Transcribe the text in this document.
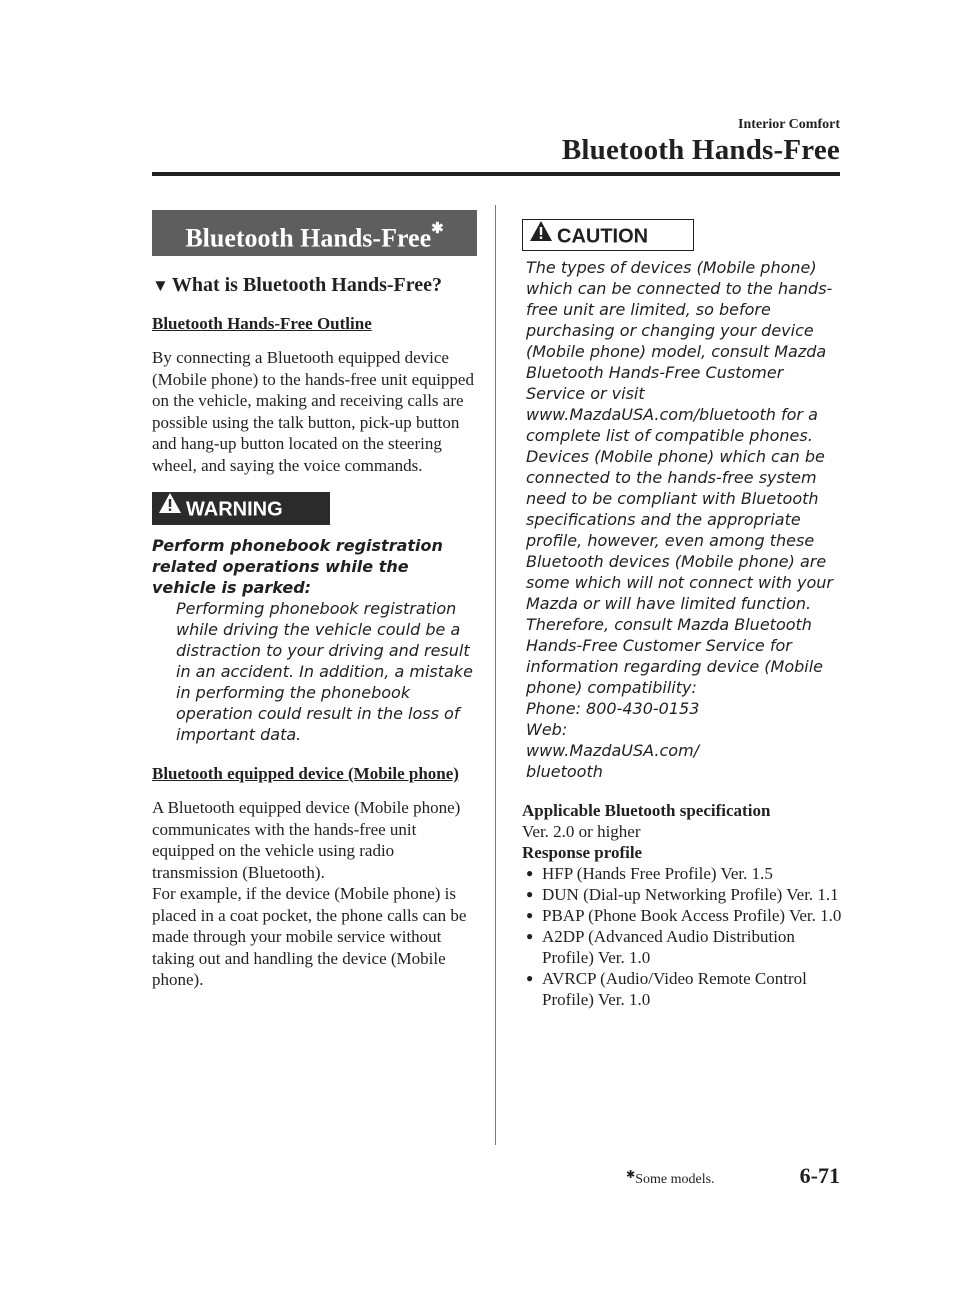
Interior Comfort
Bluetooth Hands-Free
Bluetooth Hands-Free✱
▼ What is Bluetooth Hands-Free?
Bluetooth Hands-Free Outline
By connecting a Bluetooth equipped device (Mobile phone) to the hands-free unit equipped on the vehicle, making and receiving calls are possible using the talk button, pick-up button and hang-up button located on the steering wheel, and saying the voice commands.
WARNING
Perform phonebook registration related operations while the vehicle is parked:
Performing phonebook registration while driving the vehicle could be a distraction to your driving and result in an accident. In addition, a mistake in performing the phonebook operation could result in the loss of important data.
Bluetooth equipped device (Mobile phone)
A Bluetooth equipped device (Mobile phone) communicates with the hands-free unit equipped on the vehicle using radio transmission (Bluetooth).
For example, if the device (Mobile phone) is placed in a coat pocket, the phone calls can be made through your mobile service without taking out and handling the device (Mobile phone).
CAUTION
The types of devices (Mobile phone) which can be connected to the hands-free unit are limited, so before purchasing or changing your device (Mobile phone) model, consult Mazda Bluetooth Hands-Free Customer Service or visit www.MazdaUSA.com/bluetooth for a complete list of compatible phones. Devices (Mobile phone) which can be connected to the hands-free system need to be compliant with Bluetooth specifications and the appropriate profile, however, even among these Bluetooth devices (Mobile phone) are some which will not connect with your Mazda or will have limited function. Therefore, consult Mazda Bluetooth Hands-Free Customer Service for information regarding device (Mobile phone) compatibility:
Phone: 800-430-0153
Web: www.MazdaUSA.com/ bluetooth
Applicable Bluetooth specification
Ver. 2.0 or higher
Response profile
● HFP (Hands Free Profile) Ver. 1.5
● DUN (Dial-up Networking Profile) Ver. 1.1
● PBAP (Phone Book Access Profile) Ver. 1.0
● A2DP (Advanced Audio Distribution Profile) Ver. 1.0
● AVRCP (Audio/Video Remote Control Profile) Ver. 1.0
✱Some models.	6-71
